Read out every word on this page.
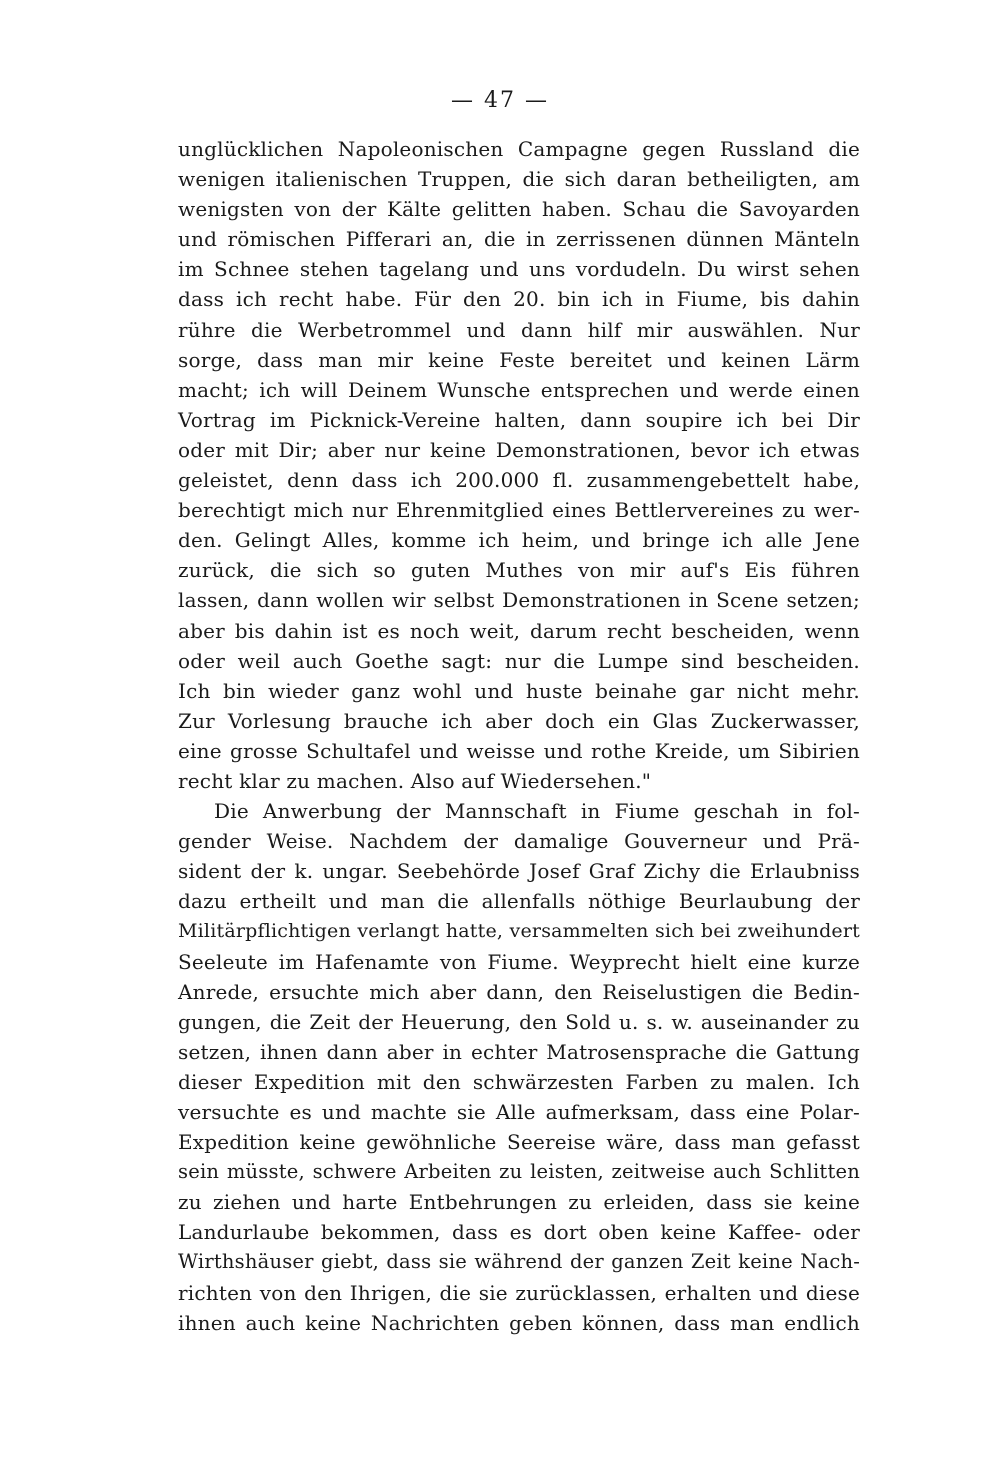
— 47 —
unglücklichen Napoleonischen Campagne gegen Russland die
wenigen italienischen Truppen, die sich daran betheiligten, am
wenigsten von der Kälte gelitten haben. Schau die Savoyarden
und römischen Pifferari an, die in zerrissenen dünnen Mänteln
im Schnee stehen tagelang und uns vordudeln. Du wirst sehen
dass ich recht habe. Für den 20. bin ich in Fiume, bis dahin
rühre die Werbetrommel und dann hilf mir auswählen. Nur
sorge, dass man mir keine Feste bereitet und keinen Lärm
macht; ich will Deinem Wunsche entsprechen und werde einen
Vortrag im Picknick-Vereine halten, dann soupire ich bei Dir
oder mit Dir; aber nur keine Demonstrationen, bevor ich etwas
geleistet, denn dass ich 200.000 fl. zusammengebettelt habe,
berechtigt mich nur Ehrenmitglied eines Bettlervereines zu wer-
den. Gelingt Alles, komme ich heim, und bringe ich alle Jene
zurück, die sich so guten Muthes von mir auf's Eis führen
lassen, dann wollen wir selbst Demonstrationen in Scene setzen;
aber bis dahin ist es noch weit, darum recht bescheiden, wenn
oder weil auch Goethe sagt: nur die Lumpe sind bescheiden.
Ich bin wieder ganz wohl und huste beinahe gar nicht mehr.
Zur Vorlesung brauche ich aber doch ein Glas Zuckerwasser,
eine grosse Schultafel und weisse und rothe Kreide, um Sibirien
recht klar zu machen. Also auf Wiedersehen."
Die Anwerbung der Mannschaft in Fiume geschah in fol-
gender Weise. Nachdem der damalige Gouverneur und Prä-
sident der k. ungar. Seebehörde Josef Graf Zichy die Erlaubniss
dazu ertheilt und man die allenfalls nöthige Beurlaubung der
Militärpflichtigen verlangt hatte, versammelten sich bei zweihundert
Seeleute im Hafenamte von Fiume. Weyprecht hielt eine kurze
Anrede, ersuchte mich aber dann, den Reiselustigen die Bedin-
gungen, die Zeit der Heuerung, den Sold u. s. w. auseinander zu
setzen, ihnen dann aber in echter Matrosensprache die Gattung
dieser Expedition mit den schwärzesten Farben zu malen. Ich
versuchte es und machte sie Alle aufmerksam, dass eine Polar-
Expedition keine gewöhnliche Seereise wäre, dass man gefasst
sein müsste, schwere Arbeiten zu leisten, zeitweise auch Schlitten
zu ziehen und harte Entbehrungen zu erleiden, dass sie keine
Landurlaube bekommen, dass es dort oben keine Kaffee- oder
Wirthshäuser giebt, dass sie während der ganzen Zeit keine Nach-
richten von den Ihrigen, die sie zurücklassen, erhalten und diese
ihnen auch keine Nachrichten geben können, dass man endlich
